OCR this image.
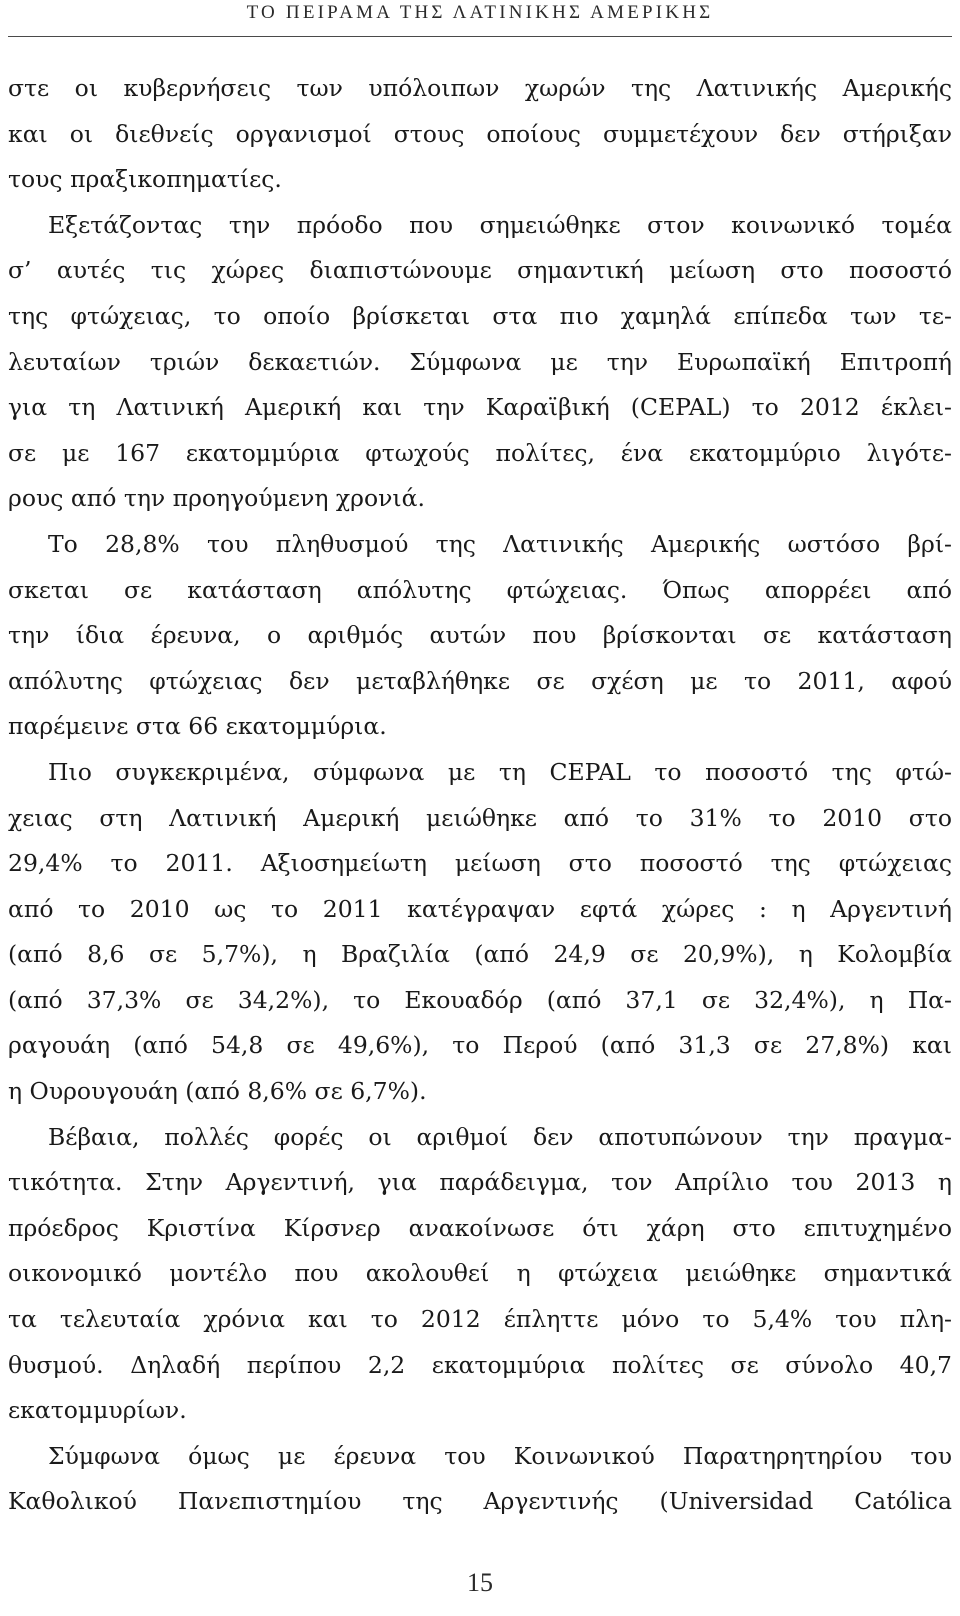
ΤΟ ΠΕΙΡΑΜΑ ΤΗΣ ΛΑΤΙΝΙΚΗΣ ΑΜΕΡΙΚΗΣ
στε οι κυβερνήσεις των υπόλοιπων χωρών της Λατινικής Αμερικής
και οι διεθνείς οργανισμοί στους οποίους συμμετέχουν δεν στήριξαν
τους πραξικοπηματίες.
Εξετάζοντας την πρόοδο που σημειώθηκε στον κοινωνικό τομέα
σ’ αυτές τις χώρες διαπιστώνουμε σημαντική μείωση στο ποσοστό
της φτώχειας, το οποίο βρίσκεται στα πιο χαμηλά επίπεδα των τε-
λευταίων τριών δεκαετιών. Σύμφωνα με την Ευρωπαϊκή Επιτροπή
για τη Λατινική Αμερική και την Καραϊβική (CEPAL) το 2012 έκλει-
σε με 167 εκατομμύρια φτωχούς πολίτες, ένα εκατομμύριο λιγότε-
ρους από την προηγούμενη χρονιά.
Το 28,8% του πληθυσμού της Λατινικής Αμερικής ωστόσο βρί-
σκεται σε κατάσταση απόλυτης φτώχειας. Όπως απορρέει από
την ίδια έρευνα, ο αριθμός αυτών που βρίσκονται σε κατάσταση
απόλυτης φτώχειας δεν μεταβλήθηκε σε σχέση με το 2011, αφού
παρέμεινε στα 66 εκατομμύρια.
Πιο συγκεκριμένα, σύμφωνα με τη CEPAL το ποσοστό της φτώ-
χειας στη Λατινική Αμερική μειώθηκε από το 31% το 2010 στο
29,4% το 2011. Αξιοσημείωτη μείωση στο ποσοστό της φτώχειας
από το 2010 ως το 2011 κατέγραψαν εφτά χώρες : η Αργεντινή
(από 8,6 σε 5,7%), η Βραζιλία (από 24,9 σε 20,9%), η Κολομβία
(από 37,3% σε 34,2%), το Εκουαδόρ (από 37,1 σε 32,4%), η Πα-
ραγουάη (από 54,8 σε 49,6%), το Περού (από 31,3 σε 27,8%) και
η Ουρουγουάη (από 8,6% σε 6,7%).
Βέβαια, πολλές φορές οι αριθμοί δεν αποτυπώνουν την πραγμα-
τικότητα. Στην Αργεντινή, για παράδειγμα, τον Απρίλιο του 2013 η
πρόεδρος Κριστίνα Κίρσνερ ανακοίνωσε ότι χάρη στο επιτυχημένο
οικονομικό μοντέλο που ακολουθεί η φτώχεια μειώθηκε σημαντικά
τα τελευταία χρόνια και το 2012 έπληττε μόνο το 5,4% του πλη-
θυσμού. Δηλαδή περίπου 2,2 εκατομμύρια πολίτες σε σύνολο 40,7
εκατομμυρίων.
Σύμφωνα όμως με έρευνα του Κοινωνικού Παρατηρητηρίου του
Καθολικού Πανεπιστημίου της Αργεντινής (Universidad Católica
15
